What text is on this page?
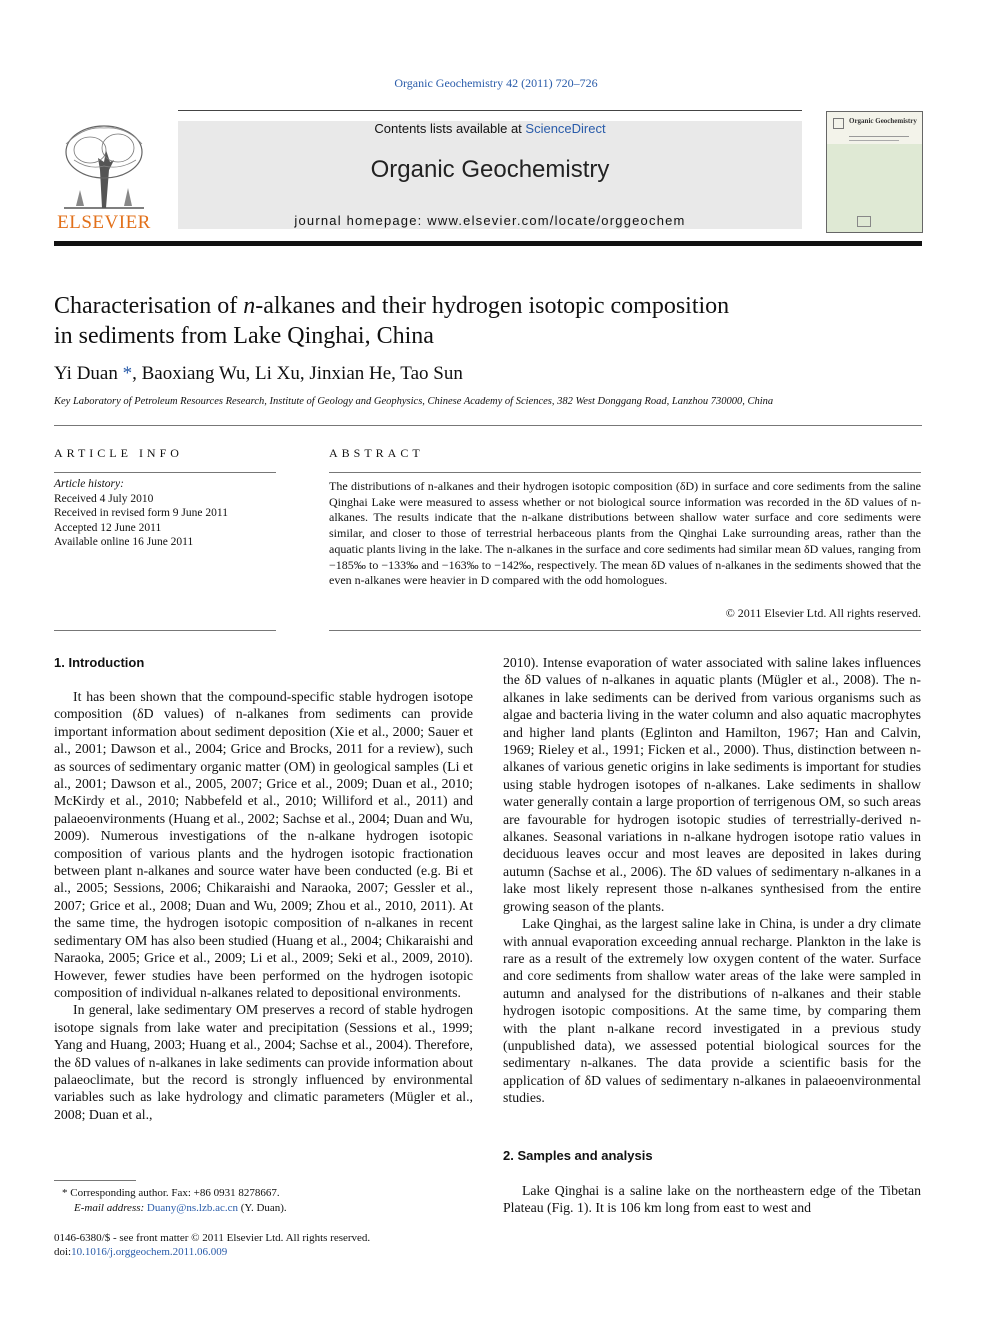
Organic Geochemistry 42 (2011) 720–726
ELSEVIER
Contents lists available at ScienceDirect
Organic Geochemistry
journal homepage: www.elsevier.com/locate/orggeochem
Organic Geochemistry
Characterisation of n-alkanes and their hydrogen isotopic composition
in sediments from Lake Qinghai, China
Yi Duan *, Baoxiang Wu, Li Xu, Jinxian He, Tao Sun
Key Laboratory of Petroleum Resources Research, Institute of Geology and Geophysics, Chinese Academy of Sciences, 382 West Donggang Road, Lanzhou 730000, China
ARTICLE INFO
Article history:
Received 4 July 2010
Received in revised form 9 June 2011
Accepted 12 June 2011
Available online 16 June 2011
ABSTRACT

The distributions of n-alkanes and their hydrogen isotopic composition (δD) in surface and core sediments from the saline Qinghai Lake were measured to assess whether or not biological source information was recorded in the δD values of n-alkanes. The results indicate that the n-alkane distributions between shallow water surface and core sediments were similar, and closer to those of terrestrial herbaceous plants from the Qinghai Lake surrounding areas, rather than the aquatic plants living in the lake. The n-alkanes in the surface and core sediments had similar mean δD values, ranging from −185‰ to −133‰ and −163‰ to −142‰, respectively. The mean δD values of n-alkanes in the sediments showed that the even n-alkanes were heavier in D compared with the odd homologues.

© 2011 Elsevier Ltd. All rights reserved.
1. Introduction

It has been shown that the compound-specific stable hydrogen isotope composition (δD values) of n-alkanes from sediments can provide important information about sediment deposition (Xie et al., 2000; Sauer et al., 2001; Dawson et al., 2004; Grice and Brocks, 2011 for a review), such as sources of sedimentary organic matter (OM) in geological samples (Li et al., 2001; Dawson et al., 2005, 2007; Grice et al., 2009; Duan et al., 2010; McKirdy et al., 2010; Nabbefeld et al., 2010; Williford et al., 2011) and palaeoenvironments (Huang et al., 2002; Sachse et al., 2004; Duan and Wu, 2009). Numerous investigations of the n-alkane hydrogen isotopic composition of various plants and the hydrogen isotopic fractionation between plant n-alkanes and source water have been conducted (e.g. Bi et al., 2005; Sessions, 2006; Chikaraishi and Naraoka, 2007; Gessler et al., 2007; Grice et al., 2008; Duan and Wu, 2009; Zhou et al., 2010, 2011). At the same time, the hydrogen isotopic composition of n-alkanes in recent sedimentary OM has also been studied (Huang et al., 2004; Chikaraishi and Naraoka, 2005; Grice et al., 2009; Li et al., 2009; Seki et al., 2009, 2010). However, fewer studies have been performed on the hydrogen isotopic composition of individual n-alkanes related to depositional environments.

In general, lake sedimentary OM preserves a record of stable hydrogen isotope signals from lake water and precipitation (Sessions et al., 1999; Yang and Huang, 2003; Huang et al., 2004; Sachse et al., 2004). Therefore, the δD values of n-alkanes in lake sediments can provide information about palaeoclimate, but the record is strongly influenced by environmental variables such as lake hydrology and climatic parameters (Mügler et al., 2008; Duan et al.,

2010). Intense evaporation of water associated with saline lakes influences the δD values of n-alkanes in aquatic plants (Mügler et al., 2008). The n-alkanes in lake sediments can be derived from various organisms such as algae and bacteria living in the water column and also aquatic macrophytes and higher land plants (Eglinton and Hamilton, 1967; Han and Calvin, 1969; Rieley et al., 1991; Ficken et al., 2000). Thus, distinction between n-alkanes of various genetic origins in lake sediments is important for studies using stable hydrogen isotopes of n-alkanes. Lake sediments in shallow water generally contain a large proportion of terrigenous OM, so such areas are favourable for hydrogen isotopic studies of terrestrially-derived n-alkanes. Seasonal variations in n-alkane hydrogen isotope ratio values in deciduous leaves occur and most leaves are deposited in lakes during autumn (Sachse et al., 2006). The δD values of sedimentary n-alkanes in a lake most likely represent those n-alkanes synthesised from the entire growing season of the plants.

Lake Qinghai, as the largest saline lake in China, is under a dry climate with annual evaporation exceeding annual recharge. Plankton in the lake is rare as a result of the extremely low oxygen content of the water. Surface and core sediments from shallow water areas of the lake were sampled in autumn and analysed for the distributions of n-alkanes and their stable hydrogen isotopic compositions. At the same time, by comparing them with the plant n-alkane record investigated in a previous study (unpublished data), we assessed potential biological sources for the sedimentary n-alkanes. The data provide a scientific basis for the application of δD values of sedimentary n-alkanes in palaeoenvironmental studies.

2. Samples and analysis

Lake Qinghai is a saline lake on the northeastern edge of the Tibetan Plateau (Fig. 1). It is 106 km long from east to west and

* Corresponding author. Fax: +86 0931 8278667.
E-mail address: Duany@ns.lzb.ac.cn (Y. Duan).
0146-6380/$ - see front matter © 2011 Elsevier Ltd. All rights reserved.
doi:10.1016/j.orggeochem.2011.06.009
